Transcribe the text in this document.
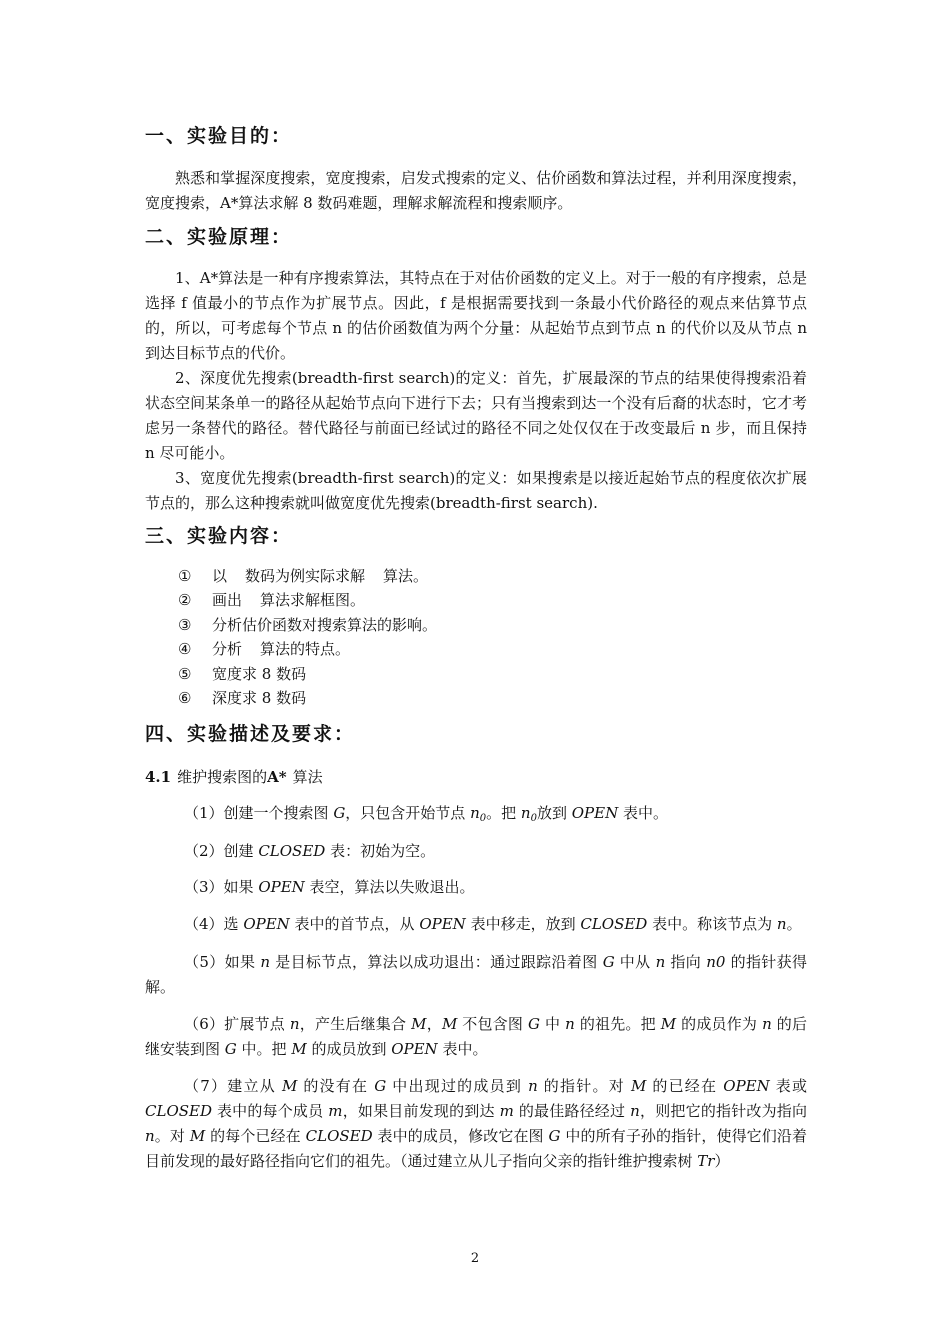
一、实验目的：
熟悉和掌握深度搜索，宽度搜索，启发式搜索的定义、估价函数和算法过程，并利用深度搜索，宽度搜索，A*算法求解 8 数码难题，理解求解流程和搜索顺序。
二、实验原理：
1、A*算法是一种有序搜索算法，其特点在于对估价函数的定义上。对于一般的有序搜索，总是选择 f 值最小的节点作为扩展节点。因此，f 是根据需要找到一条最小代价路径的观点来估算节点的，所以，可考虑每个节点 n 的估价函数值为两个分量：从起始节点到节点 n 的代价以及从节点 n 到达目标节点的代价。
2、深度优先搜索(breadth-first search)的定义：首先，扩展最深的节点的结果使得搜索沿着状态空间某条单一的路径从起始节点向下进行下去；只有当搜索到达一个没有后裔的状态时，它才考虑另一条替代的路径。替代路径与前面已经试过的路径不同之处仅仅在于改变最后 n 步，而且保持 n 尽可能小。
3、宽度优先搜索(breadth-first search)的定义：如果搜索是以接近起始节点的程度依次扩展节点的，那么这种搜索就叫做宽度优先搜索(breadth-first search).
三、实验内容：
① 以 数码为例实际求解 算法。
② 画出 算法求解框图。
③ 分析估价函数对搜索算法的影响。
④ 分析 算法的特点。
⑤ 宽度求 8 数码
⑥ 深度求 8 数码
四、实验描述及要求：
4.1 维护搜索图的A* 算法
（1）创建一个搜索图 G，只包含开始节点 $n_0$。把 $n_0$放到 OPEN 表中。
（2）创建 CLOSED 表：初始为空。
（3）如果 OPEN 表空，算法以失败退出。
（4）选 OPEN 表中的首节点，从 OPEN 表中移走，放到 CLOSED 表中。称该节点为 n。
（5）如果 n 是目标节点，算法以成功退出：通过跟踪沿着图 G 中从 n 指向 n0 的指针获得解。
（6）扩展节点 n，产生后继集合 M，M 不包含图 G 中 n 的祖先。把 M 的成员作为 n 的后继安装到图 G 中。把 M 的成员放到 OPEN 表中。
（7）建立从 M 的没有在 G 中出现过的成员到 n 的指针。对 M 的已经在 OPEN 表或 CLOSED 表中的每个成员 m，如果目前发现的到达 m 的最佳路径经过 n，则把它的指针改为指向 n。对 M 的每个已经在 CLOSED 表中的成员，修改它在图 G 中的所有子孙的指针，使得它们沿着目前发现的最好路径指向它们的祖先。（通过建立从儿子指向父亲的指针维护搜索树 Tr）
2
